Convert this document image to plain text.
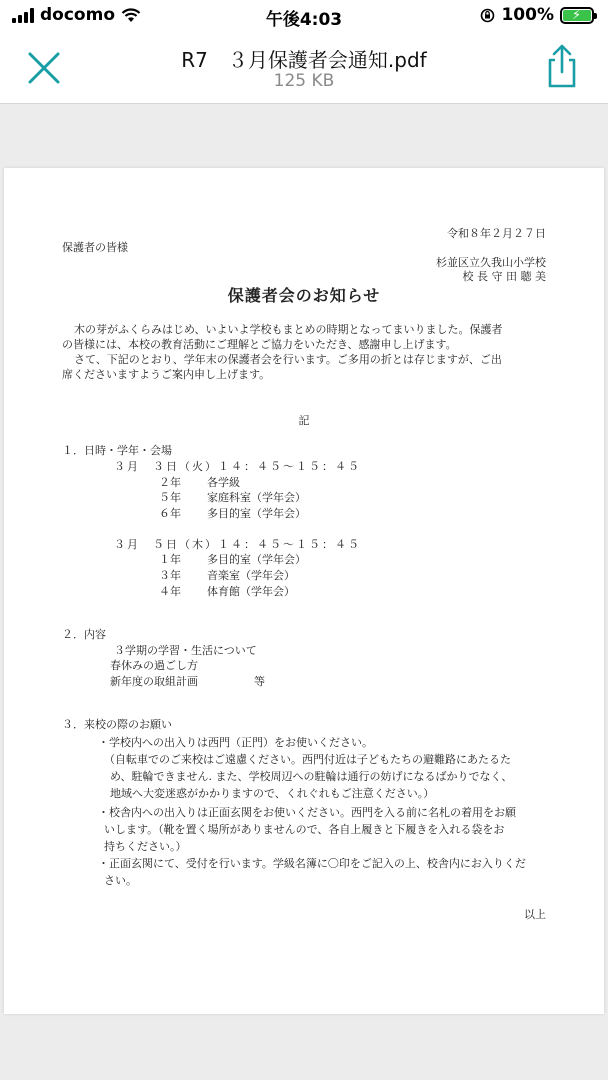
docomo	午後4:03	100% ⚡
R7　３月保護者会通知.pdf
125 KB
令和８年２月２７日
保護者の皆様
杉並区立久我山小学校
校 長 守 田 聴 美
保護者会のお知らせ
木の芽がふくらみはじめ、いよいよ学校もまとめの時期となってまいりました。保護者
の皆様には、本校の教育活動にご理解とご協力をいただき、感謝申し上げます。
さて、下記のとおり、学年末の保護者会を行います。ご多用の折とは存じますが、ご出
席くださいますようご案内申し上げます。
記
１．日時・学年・会場
３月　３日（火）１４：４５〜１５：４５
２年 各学級
５年 家庭科室（学年会）
６年 多目的室（学年会）
３月　５日（木）１４：４５〜１５：４５
１年 多目的室（学年会）
３年 音楽室（学年会）
４年 体育館（学年会）
２．内容
３学期の学習・生活について
春休みの過ごし方
新年度の取組計画	等
３．来校の際のお願い
・学校内への出入りは西門（正門）をお使いください。
（自転車でのご来校はご遠慮ください。西門付近は子どもたちの避難路にあたるた
め、駐輪できません. また、学校周辺への駐輪は通行の妨げになるばかりでなく、
地域へ大変迷惑がかかりますので、くれぐれもご注意ください。）
・校舎内への出入りは正面玄関をお使いください。西門を入る前に名札の着用をお願
いします。（靴を置く場所がありませんので、各自上履きと下履きを入れる袋をお
持ちください。）
・正面玄関にて、受付を行います。学級名簿に〇印をご記入の上、校舎内にお入りくだ
さい。
以上
